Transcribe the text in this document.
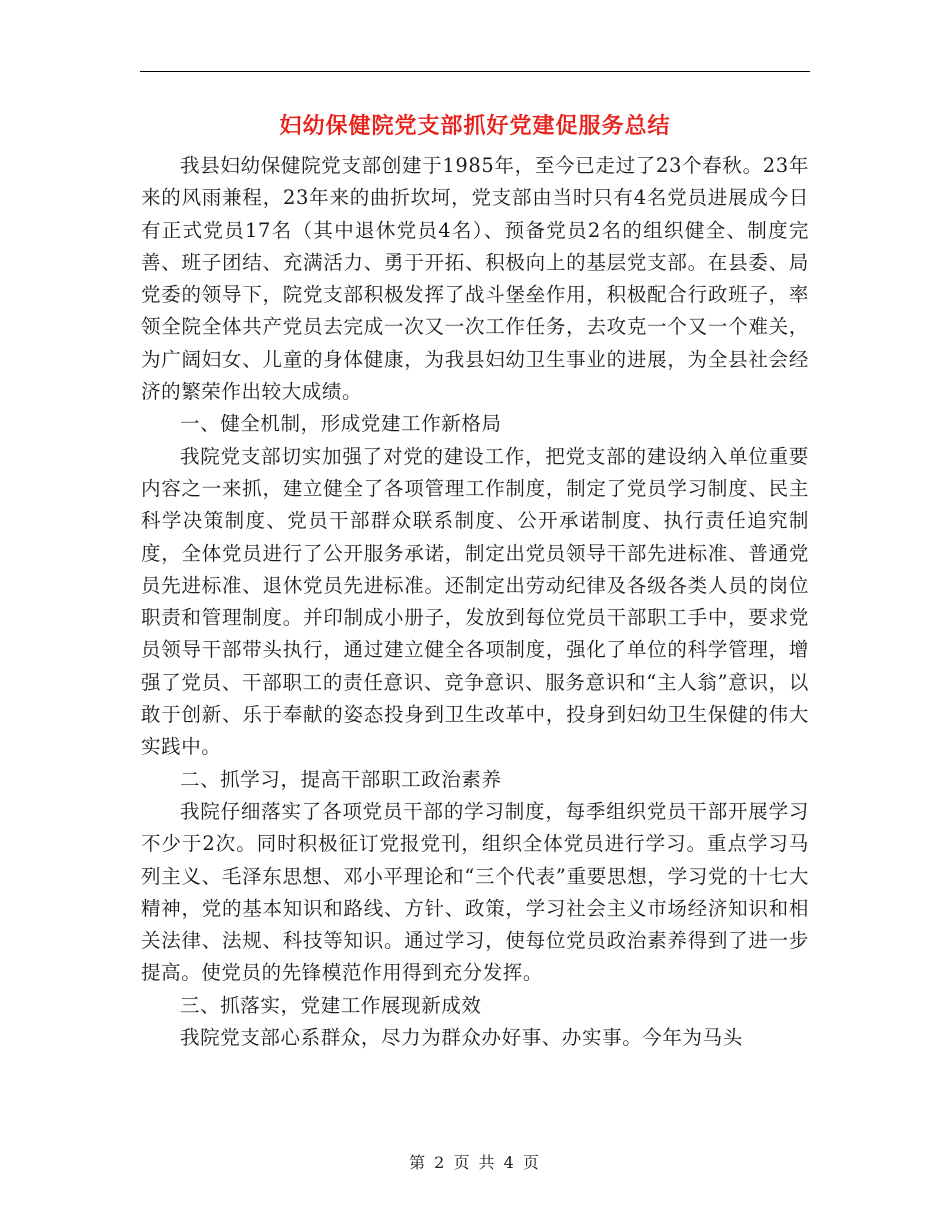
妇幼保健院党支部抓好党建促服务总结

我县妇幼保健院党支部创建于1985年，至今已走过了23个春秋。23年来的风雨兼程，23年来的曲折坎坷，党支部由当时只有4名党员进展成今日有正式党员17名（其中退休党员4名）、预备党员2名的组织健全、制度完善、班子团结、充满活力、勇于开拓、积极向上的基层党支部。在县委、局党委的领导下，院党支部积极发挥了战斗堡垒作用，积极配合行政班子，率领全院全体共产党员去完成一次又一次工作任务，去攻克一个又一个难关，为广阔妇女、儿童的身体健康，为我县妇幼卫生事业的进展，为全县社会经济的繁荣作出较大成绩。

一、健全机制，形成党建工作新格局

我院党支部切实加强了对党的建设工作，把党支部的建设纳入单位重要内容之一来抓，建立健全了各项管理工作制度，制定了党员学习制度、民主科学决策制度、党员干部群众联系制度、公开承诺制度、执行责任追究制度，全体党员进行了公开服务承诺，制定出党员领导干部先进标准、普通党员先进标准、退休党员先进标准。还制定出劳动纪律及各级各类人员的岗位职责和管理制度。并印制成小册子，发放到每位党员干部职工手中，要求党员领导干部带头执行，通过建立健全各项制度，强化了单位的科学管理，增强了党员、干部职工的责任意识、竞争意识、服务意识和“主人翁”意识，以敢于创新、乐于奉献的姿态投身到卫生改革中，投身到妇幼卫生保健的伟大实践中。

二、抓学习，提高干部职工政治素养

我院仔细落实了各项党员干部的学习制度，每季组织党员干部开展学习不少于2次。同时积极征订党报党刊，组织全体党员进行学习。重点学习马列主义、毛泽东思想、邓小平理论和“三个代表”重要思想，学习党的十七大精神，党的基本知识和路线、方针、政策，学习社会主义市场经济知识和相关法律、法规、科技等知识。通过学习，使每位党员政治素养得到了进一步提高。使党员的先锋模范作用得到充分发挥。

三、抓落实，党建工作展现新成效

我院党支部心系群众，尽力为群众办好事、办实事。今年为马头

第 2 页 共 4 页
